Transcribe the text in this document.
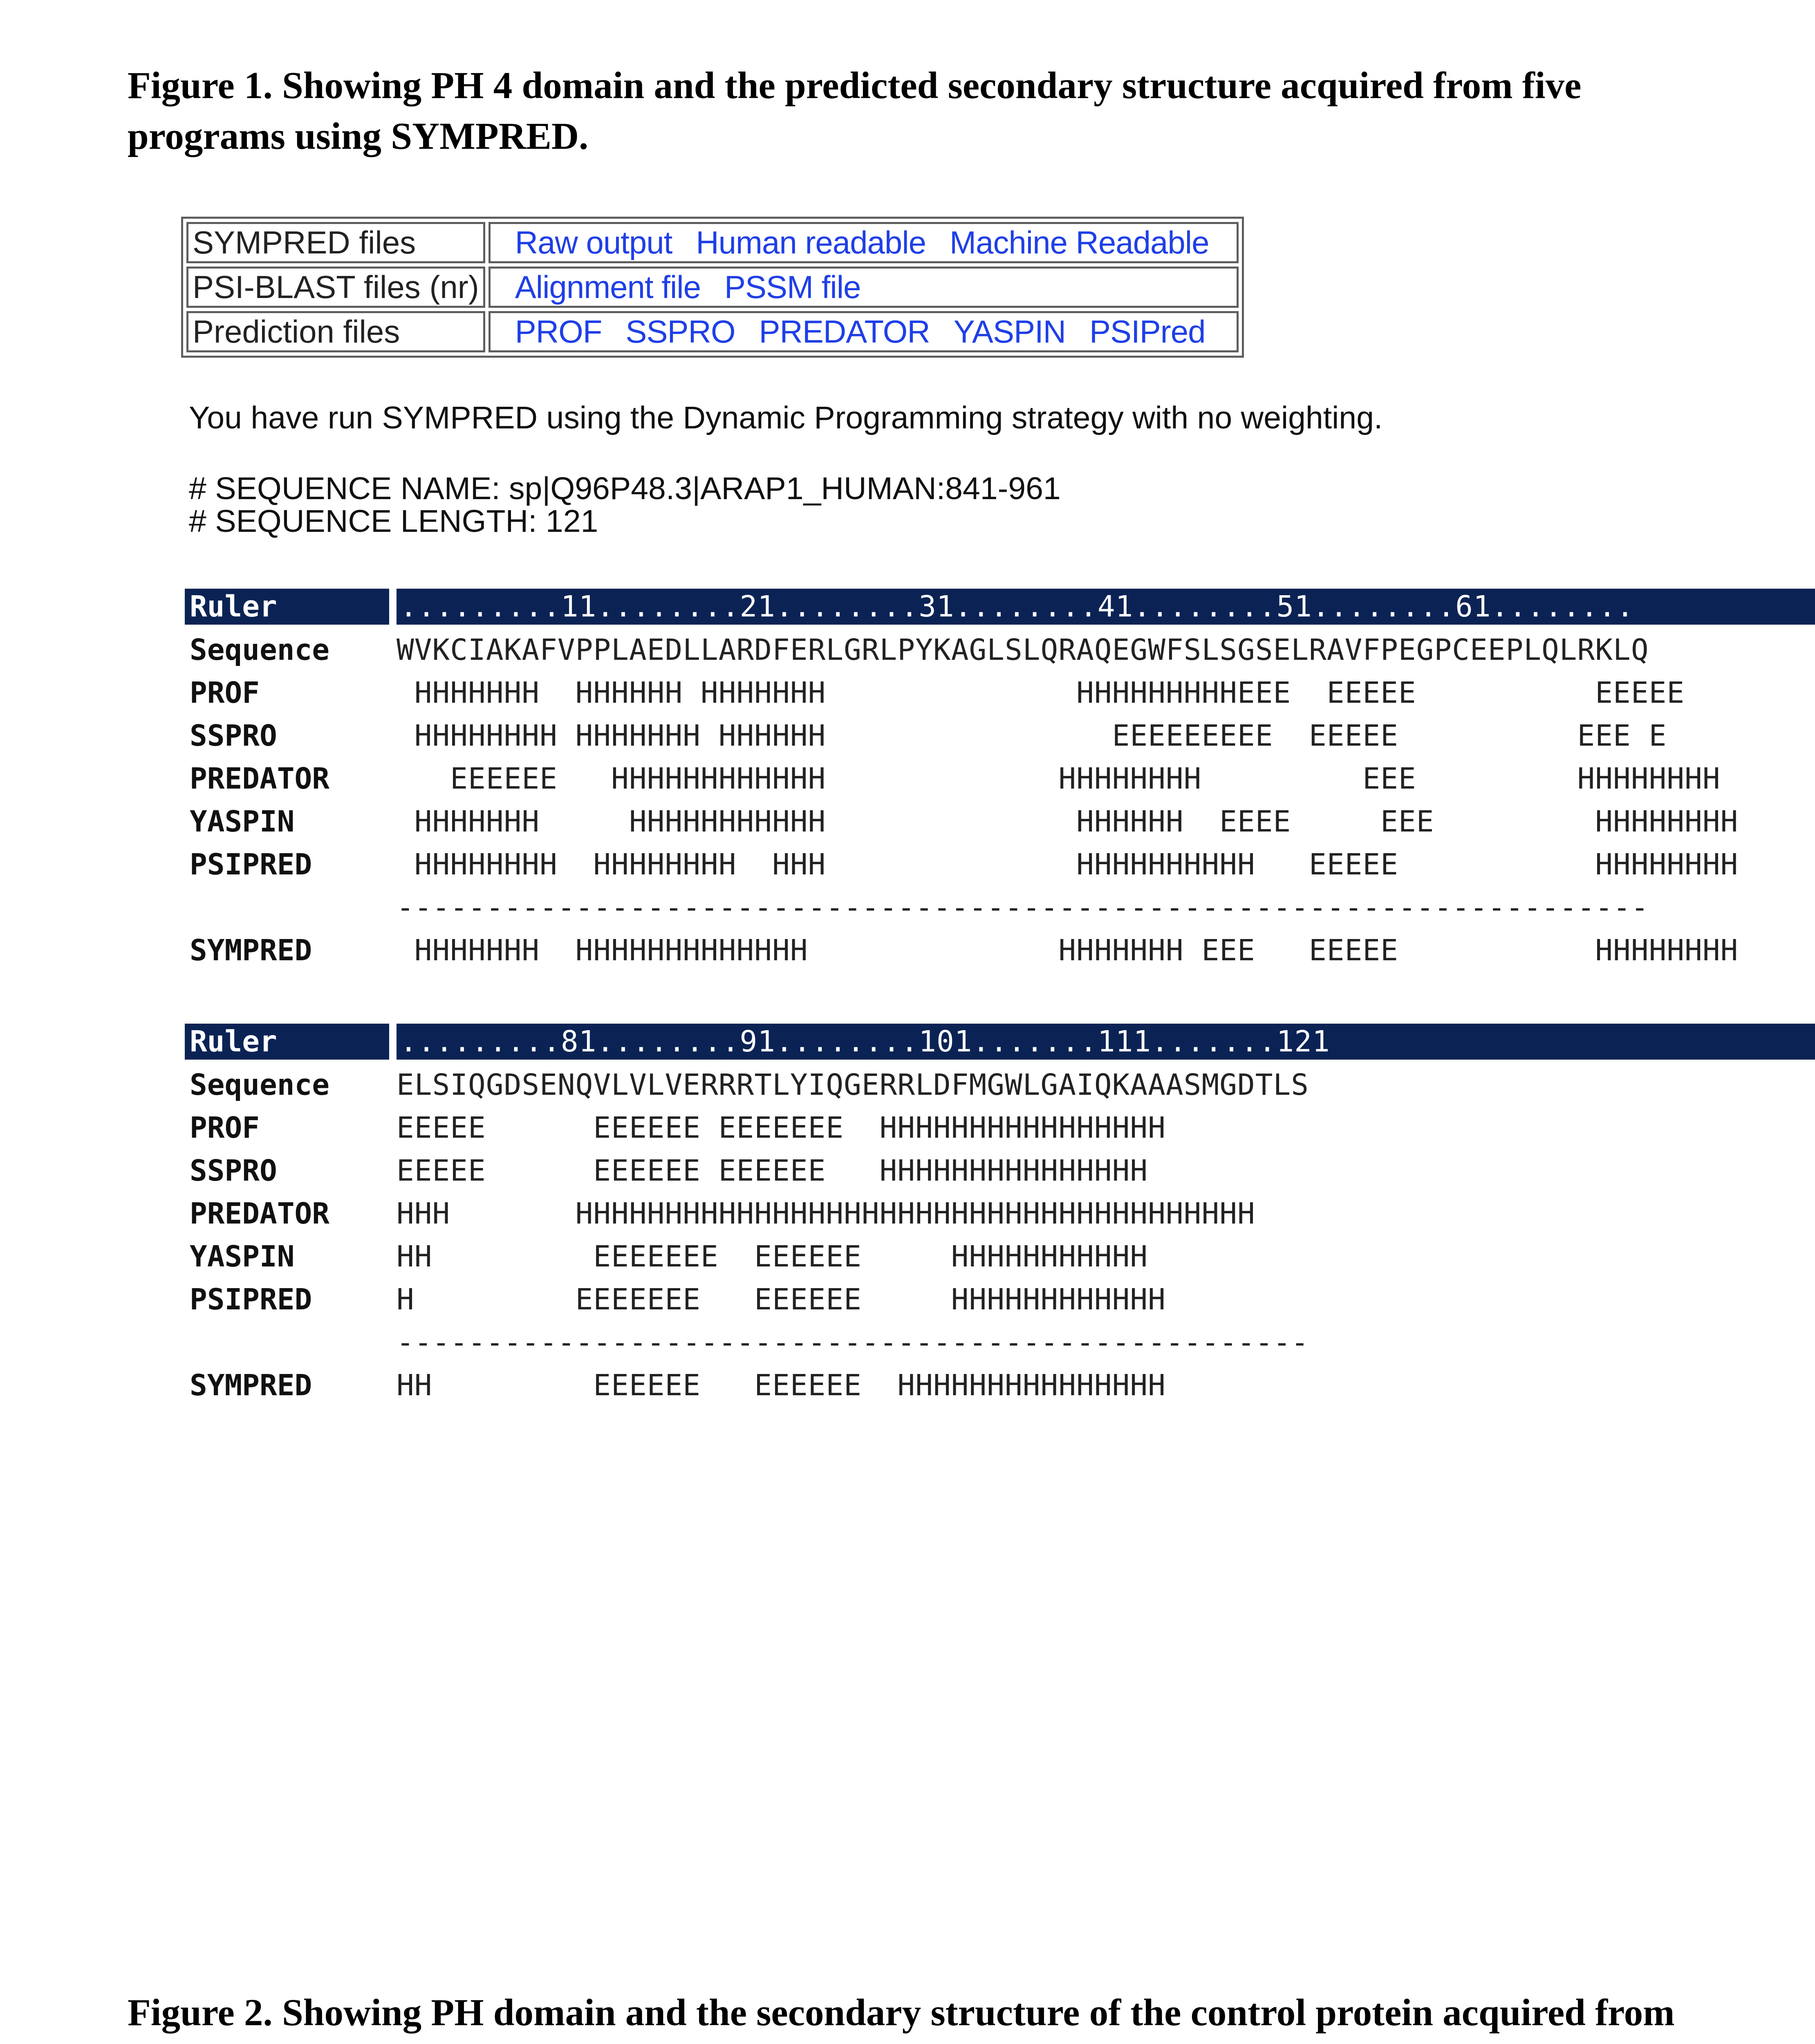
Figure 1. Showing PH 4 domain and the predicted secondary structure acquired from five programs using SYMPRED.
SYMPRED files	Raw output Human readable Machine Readable
PSI-BLAST files (nr)	Alignment file PSSM file
Prediction files	PROF SSPRO PREDATOR YASPIN PSIPred
You have run SYMPRED using the Dynamic Programming strategy with no weighting.
# SEQUENCE NAME: sp|Q96P48.3|ARAP1_HUMAN:841-961
# SEQUENCE LENGTH: 121
Ruler	.........11........21........31........41........51........61........
Sequence WVKCIAKAFVPPLAEDLLARDFERLGRLPYKAGLSLQRAQEGWFSLSGSELRAVFPEGPCEEPLQLRKLQ
PROF	HHHHHHH  HHHHHH HHHHHHH              HHHHHHHHHEEE  EEEEE          EEEEE
SSPRO	HHHHHHHH HHHHHHH HHHHHH                EEEEEEEEE  EEEEE          EEE E
PREDATOR EEEEEE   HHHHHHHHHHHH             HHHHHHHH         EEE         HHHHHHHH
YASPIN	HHHHHHH     HHHHHHHHHHH              HHHHHH  EEEE     EEE         HHHHHHHH
PSIPRED	HHHHHHHH  HHHHHHHH  HHH              HHHHHHHHHH   EEEEE           HHHHHHHH
----------------------------------------------------------------------
SYMPRED	HHHHHHH  HHHHHHHHHHHHH              HHHHHHH EEE   EEEEE           HHHHHHHH
Ruler	.........81........91........101.......111.......121
Sequence ELSIQGDSENQVLVLVERRRTLYIQGERRLDFMGWLGAIQKAAASMGDTLS
PROF	EEEEE      EEEEEE EEEEEEE  HHHHHHHHHHHHHHHH
SSPRO	EEEEE      EEEEEE EEEEEE   HHHHHHHHHHHHHHH
PREDATOR HHH       HHHHHHHHHHHHHHHHHHHHHHHHHHHHHHHHHHHHHH
YASPIN	HH         EEEEEEE  EEEEEE     HHHHHHHHHHH
PSIPRED	H         EEEEEEE   EEEEEE     HHHHHHHHHHHH
---------------------------------------------------
SYMPRED	HH         EEEEEE   EEEEEE  HHHHHHHHHHHHHHH
Figure 2. Showing PH domain and the secondary structure of the control protein acquired from
